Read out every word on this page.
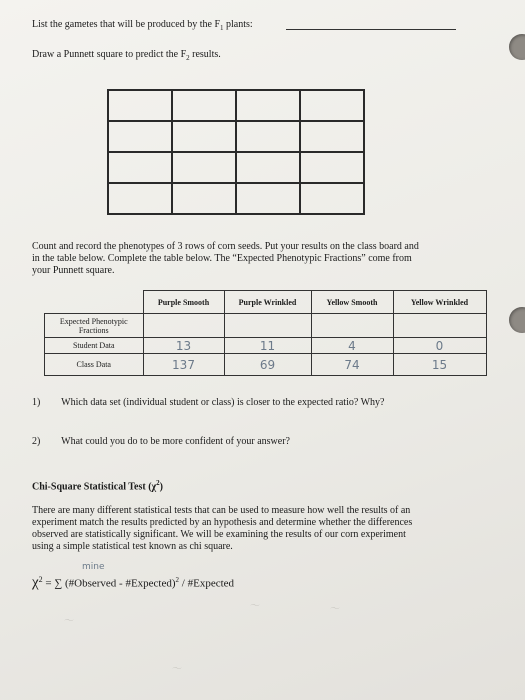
List the gametes that will be produced by the $F_1$ plants:
Draw a Punnett square to predict the $F_2$ results.

Count and record the phenotypes of 3 rows of corn seeds. Put your results on the class board and
in the table below. Complete the table below. The “Expected Phenotypic Fractions” come from
your Punnett square.
	Purple Smooth	Purple Wrinkled	Yellow Smooth	Yellow Wrinkled
Expected Phenotypic Fractions				
Student Data	13	11	4	0
Class Data	137	69	74	15
1) Which data set (individual student or class) is closer to the expected ratio? Why?
2) What could you do to be more confident of your answer?
Chi-Square Statistical Test $(\chi^2)$
There are many different statistical tests that can be used to measure how well the results of an
experiment match the results predicted by an hypothesis and determine whether the differences
observed are statistically significant. We will be examining the results of our corn experiment
using a simple statistical test known as chi square.
mine
$\chi^2$ = ∑ (#Observed - #Expected)$^2$ / #Expected
〜
〜
〜	〜
